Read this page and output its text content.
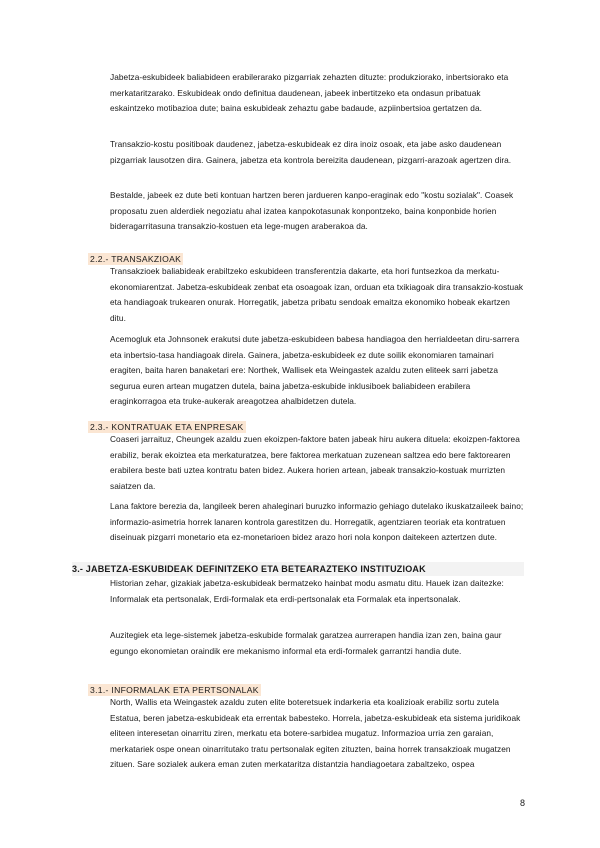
Jabetza-eskubideek baliabideen erabilerarako pizgarriak zehazten dituzte: produkziorako, inbertsiorako eta merkataritzarako. Eskubideak ondo definitua daudenean, jabeek inbertitzeko eta ondasun pribatuak eskaintzeko motibazioa dute; baina eskubideak zehaztu gabe badaude, azpiinbertsioa gertatzen da.

Transakzio-kostu positiboak daudenez, jabetza-eskubideak ez dira inoiz osoak, eta jabe asko daudenean pizgarriak lausotzen dira. Gainera, jabetza eta kontrola bereizita daudenean, pizgarri-arazoak agertzen dira.

Bestalde, jabeek ez dute beti kontuan hartzen beren jardueren kanpo-eraginak edo "kostu sozialak". Coasek proposatu zuen alderdiek negoziatu ahal izatea kanpokotasunak konpontzeko, baina konponbide horien bideragarritasuna transakzio-kostuen eta lege-mugen araberakoa da.

2.2.- TRANSAKZIOAK

Transakzioek baliabideak erabiltzeko eskubideen transferentzia dakarte, eta hori funtsezkoa da merkatu-ekonomiarentzat. Jabetza-eskubideak zenbat eta osoagoak izan, orduan eta txikiagoak dira transakzio-kostuak eta handiagoak trukearen onurak. Horregatik, jabetza pribatu sendoak emaitza ekonomiko hobeak ekartzen ditu.

Acemogluk eta Johnsonek erakutsi dute jabetza-eskubideen babesa handiagoa den herrialdeetan diru-sarrera eta inbertsio-tasa handiagoak direla. Gainera, jabetza-eskubideek ez dute soilik ekonomiaren tamainari eragiten, baita haren banaketari ere: Northek, Wallisek eta Weingastek azaldu zuten eliteek sarri jabetza segurua euren artean mugatzen dutela, baina jabetza-eskubide inklusiboek baliabideen erabilera eraginkorragoa eta truke-aukerak areagotzea ahalbidetzen dutela.

2.3.- KONTRATUAK ETA ENPRESAK

Coaseri jarraituz, Cheungek azaldu zuen ekoizpen-faktore baten jabeak hiru aukera dituela: ekoizpen-faktorea erabiliz, berak ekoiztea eta merkaturatzea, bere faktorea merkatuan zuzenean saltzea edo bere faktorearen erabilera beste bati uztea kontratu baten bidez. Aukera horien artean, jabeak transakzio-kostuak murrizten saiatzen da.

Lana faktore berezia da, langileek beren ahaleginari buruzko informazio gehiago dutelako ikuskatzaileek baino; informazio-asimetria horrek lanaren kontrola garestitzen du. Horregatik, agentziaren teoriak eta kontratuen diseinuak pizgarri monetario eta ez-monetarioen bidez arazo hori nola konpon daitekeen aztertzen dute.

3.- JABETZA-ESKUBIDEAK DEFINITZEKO ETA BETEARAZTEKO INSTITUZIOAK

Historian zehar, gizakiak jabetza-eskubideak bermatzeko hainbat modu asmatu ditu. Hauek izan daitezke: Informalak eta pertsonalak, Erdi-formalak eta erdi-pertsonalak eta Formalak eta inpertsonalak.

Auzitegiek eta lege-sistemek jabetza-eskubide formalak garatzea aurrerapen handia izan zen, baina gaur egungo ekonomietan oraindik ere mekanismo informal eta erdi-formalek garrantzi handia dute.

3.1.- INFORMALAK ETA PERTSONALAK

North, Wallis eta Weingastek azaldu zuten elite boteretsuek indarkeria eta koalizioak erabiliz sortu zutela Estatua, beren jabetza-eskubideak eta errentak babesteko. Horrela, jabetza-eskubideak eta sistema juridikoak eliteen interesetan oinarritu ziren, merkatu eta botere-sarbidea mugatuz. Informazioa urria zen garaian, merkatariek ospe onean oinarritutako tratu pertsonalak egiten zituzten, baina horrek transakzioak mugatzen zituen. Sare sozialek aukera eman zuten merkataritza distantzia handiagoetara zabaltzeko, ospea

8
